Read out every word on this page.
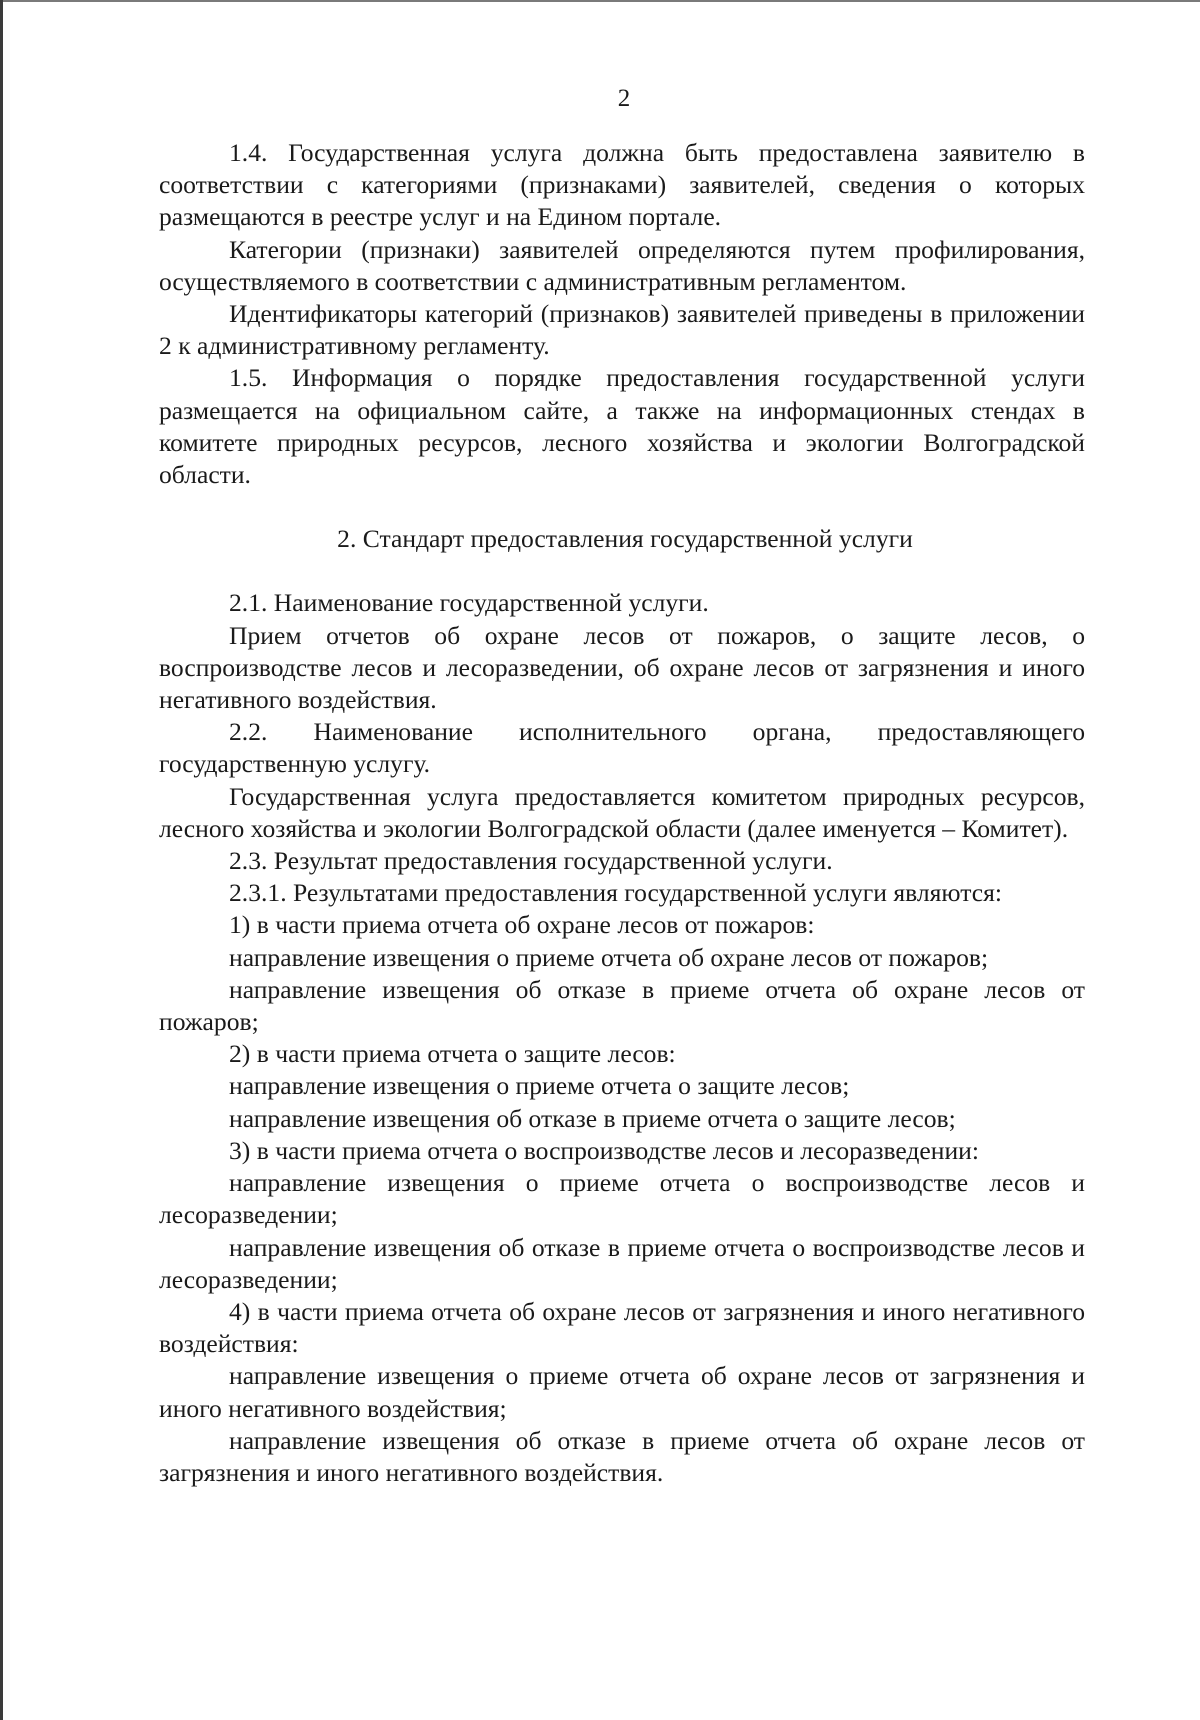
2

1.4. Государственная услуга должна быть предоставлена заявителю в соответствии с категориями (признаками) заявителей, сведения о которых размещаются в реестре услуг и на Едином портале.

Категории (признаки) заявителей определяются путем профилирования, осуществляемого в соответствии с административным регламентом.

Идентификаторы категорий (признаков) заявителей приведены в приложении 2 к административному регламенту.

1.5. Информация о порядке предоставления государственной услуги размещается на официальном сайте, а также на информационных стендах в комитете природных ресурсов, лесного хозяйства и экологии Волгоградской области.

2. Стандарт предоставления государственной услуги

2.1. Наименование государственной услуги.

Прием отчетов об охране лесов от пожаров, о защите лесов, о воспроизводстве лесов и лесоразведении, об охране лесов от загрязнения и иного негативного воздействия.

2.2. Наименование исполнительного органа, предоставляющего государственную услугу.

Государственная услуга предоставляется комитетом природных ресурсов, лесного хозяйства и экологии Волгоградской области (далее именуется – Комитет).

2.3. Результат предоставления государственной услуги.

2.3.1. Результатами предоставления государственной услуги являются:

1) в части приема отчета об охране лесов от пожаров:

направление извещения о приеме отчета об охране лесов от пожаров;

направление извещения об отказе в приеме отчета об охране лесов от пожаров;

2) в части приема отчета о защите лесов:

направление извещения о приеме отчета о защите лесов;

направление извещения об отказе в приеме отчета о защите лесов;

3) в части приема отчета о воспроизводстве лесов и лесоразведении:

направление извещения о приеме отчета о воспроизводстве лесов и лесоразведении;

направление извещения об отказе в приеме отчета о воспроизводстве лесов и лесоразведении;

4) в части приема отчета об охране лесов от загрязнения и иного негативного воздействия:

направление извещения о приеме отчета об охране лесов от загрязнения и иного негативного воздействия;

направление извещения об отказе в приеме отчета об охране лесов от загрязнения и иного негативного воздействия.
